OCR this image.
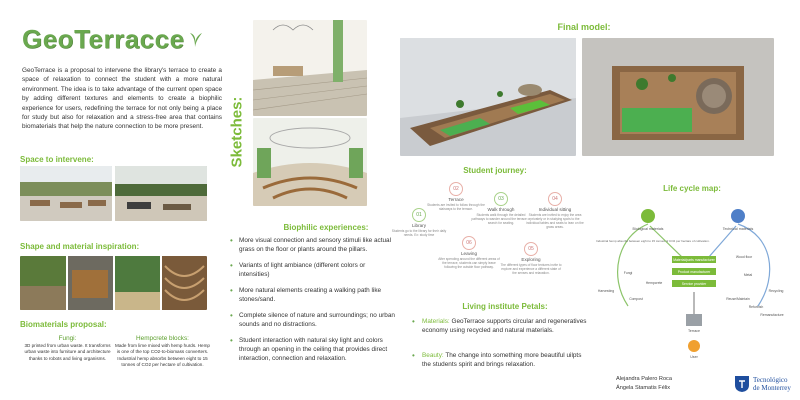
GeoTerracce

GeoTerrace is a proposal to intervene the library's terrace to create a space of relaxation to connect the student with a more natural environment. The idea is to take advantage of the current open space by adding different textures and elements to create a biophilic experience for users, redefining the terrace for not only being a place for study but also for relaxation and a stress-free area that contains biomaterials that help the nature connection to be more present.

Space to intervene:
Shape and material inspiration:
Biomaterials proposal:
Fungi:
3D printed from urban waste. It transforms urban waste into furniture and architecture thanks to robots and living organisms.
Hempcrete blocks:
Made from lime mixed with hemp hurds. Hemp is one of the top CO2-to-biomass converters. Industrial hemp absorbs between eight to 15 tonnes of CO2 per hectare of cultivation.
Sketches:
Biophilic experiences:
• More visual connection and sensory stimuli like actual grass on the floor or plants around the pillars.
• Variants of light ambiance (different colors or intensities)
• More natural elements creating a walking path like stones/sand.
• Complete silence of nature and surroundings; no urban sounds and no distractions.
• Student interaction with natural sky light and colors through an opening in the ceiling that provides direct interaction, connection and relaxation.
Final model:
Student journey:
01
Library
Students go to the library for their daily needs. Ex: study time
02
Terrace
Students are invited to follow through the stairways to the terrace.
03
Walk through
Students walk through the detailed pathways to wander around the terrace or search for seating.
04
Individual sitting
Students are invited to enjoy the area privately or in studying spots to the individual tables and seats to lean on the grass areas.
06
Leaving
After spending around the different areas of the terrace, students can simply leave following the outside floor pathway.
05
Exploring
The different types of floor textures invite to explore and experience a different state of the senses and relaxation.
Living institute Petals:
• Materials: GeoTerrace supports circular and regeneratives economy using recycled and natural materials.
• Beauty: The change into something more beautiful uilpts the students spirit and brings relaxation.
Life cycle map:
Biological materials	Technical materials
Industrial hemp absorbs between eight to 15 tonnes of CO2 per hectare of cultivation.
Material/parts manufacturer
Product manufacturer
Service provider
Fungi
Hempcrete
Wood floor
Metal
Harvesting
Compost
Recycling
Reuse/Maintain
Refurbish
Remanufacture
Terrace
User
Alejandra Palero Roca
Ángela Stamatis Félix
Tecnológico
de Monterrey
